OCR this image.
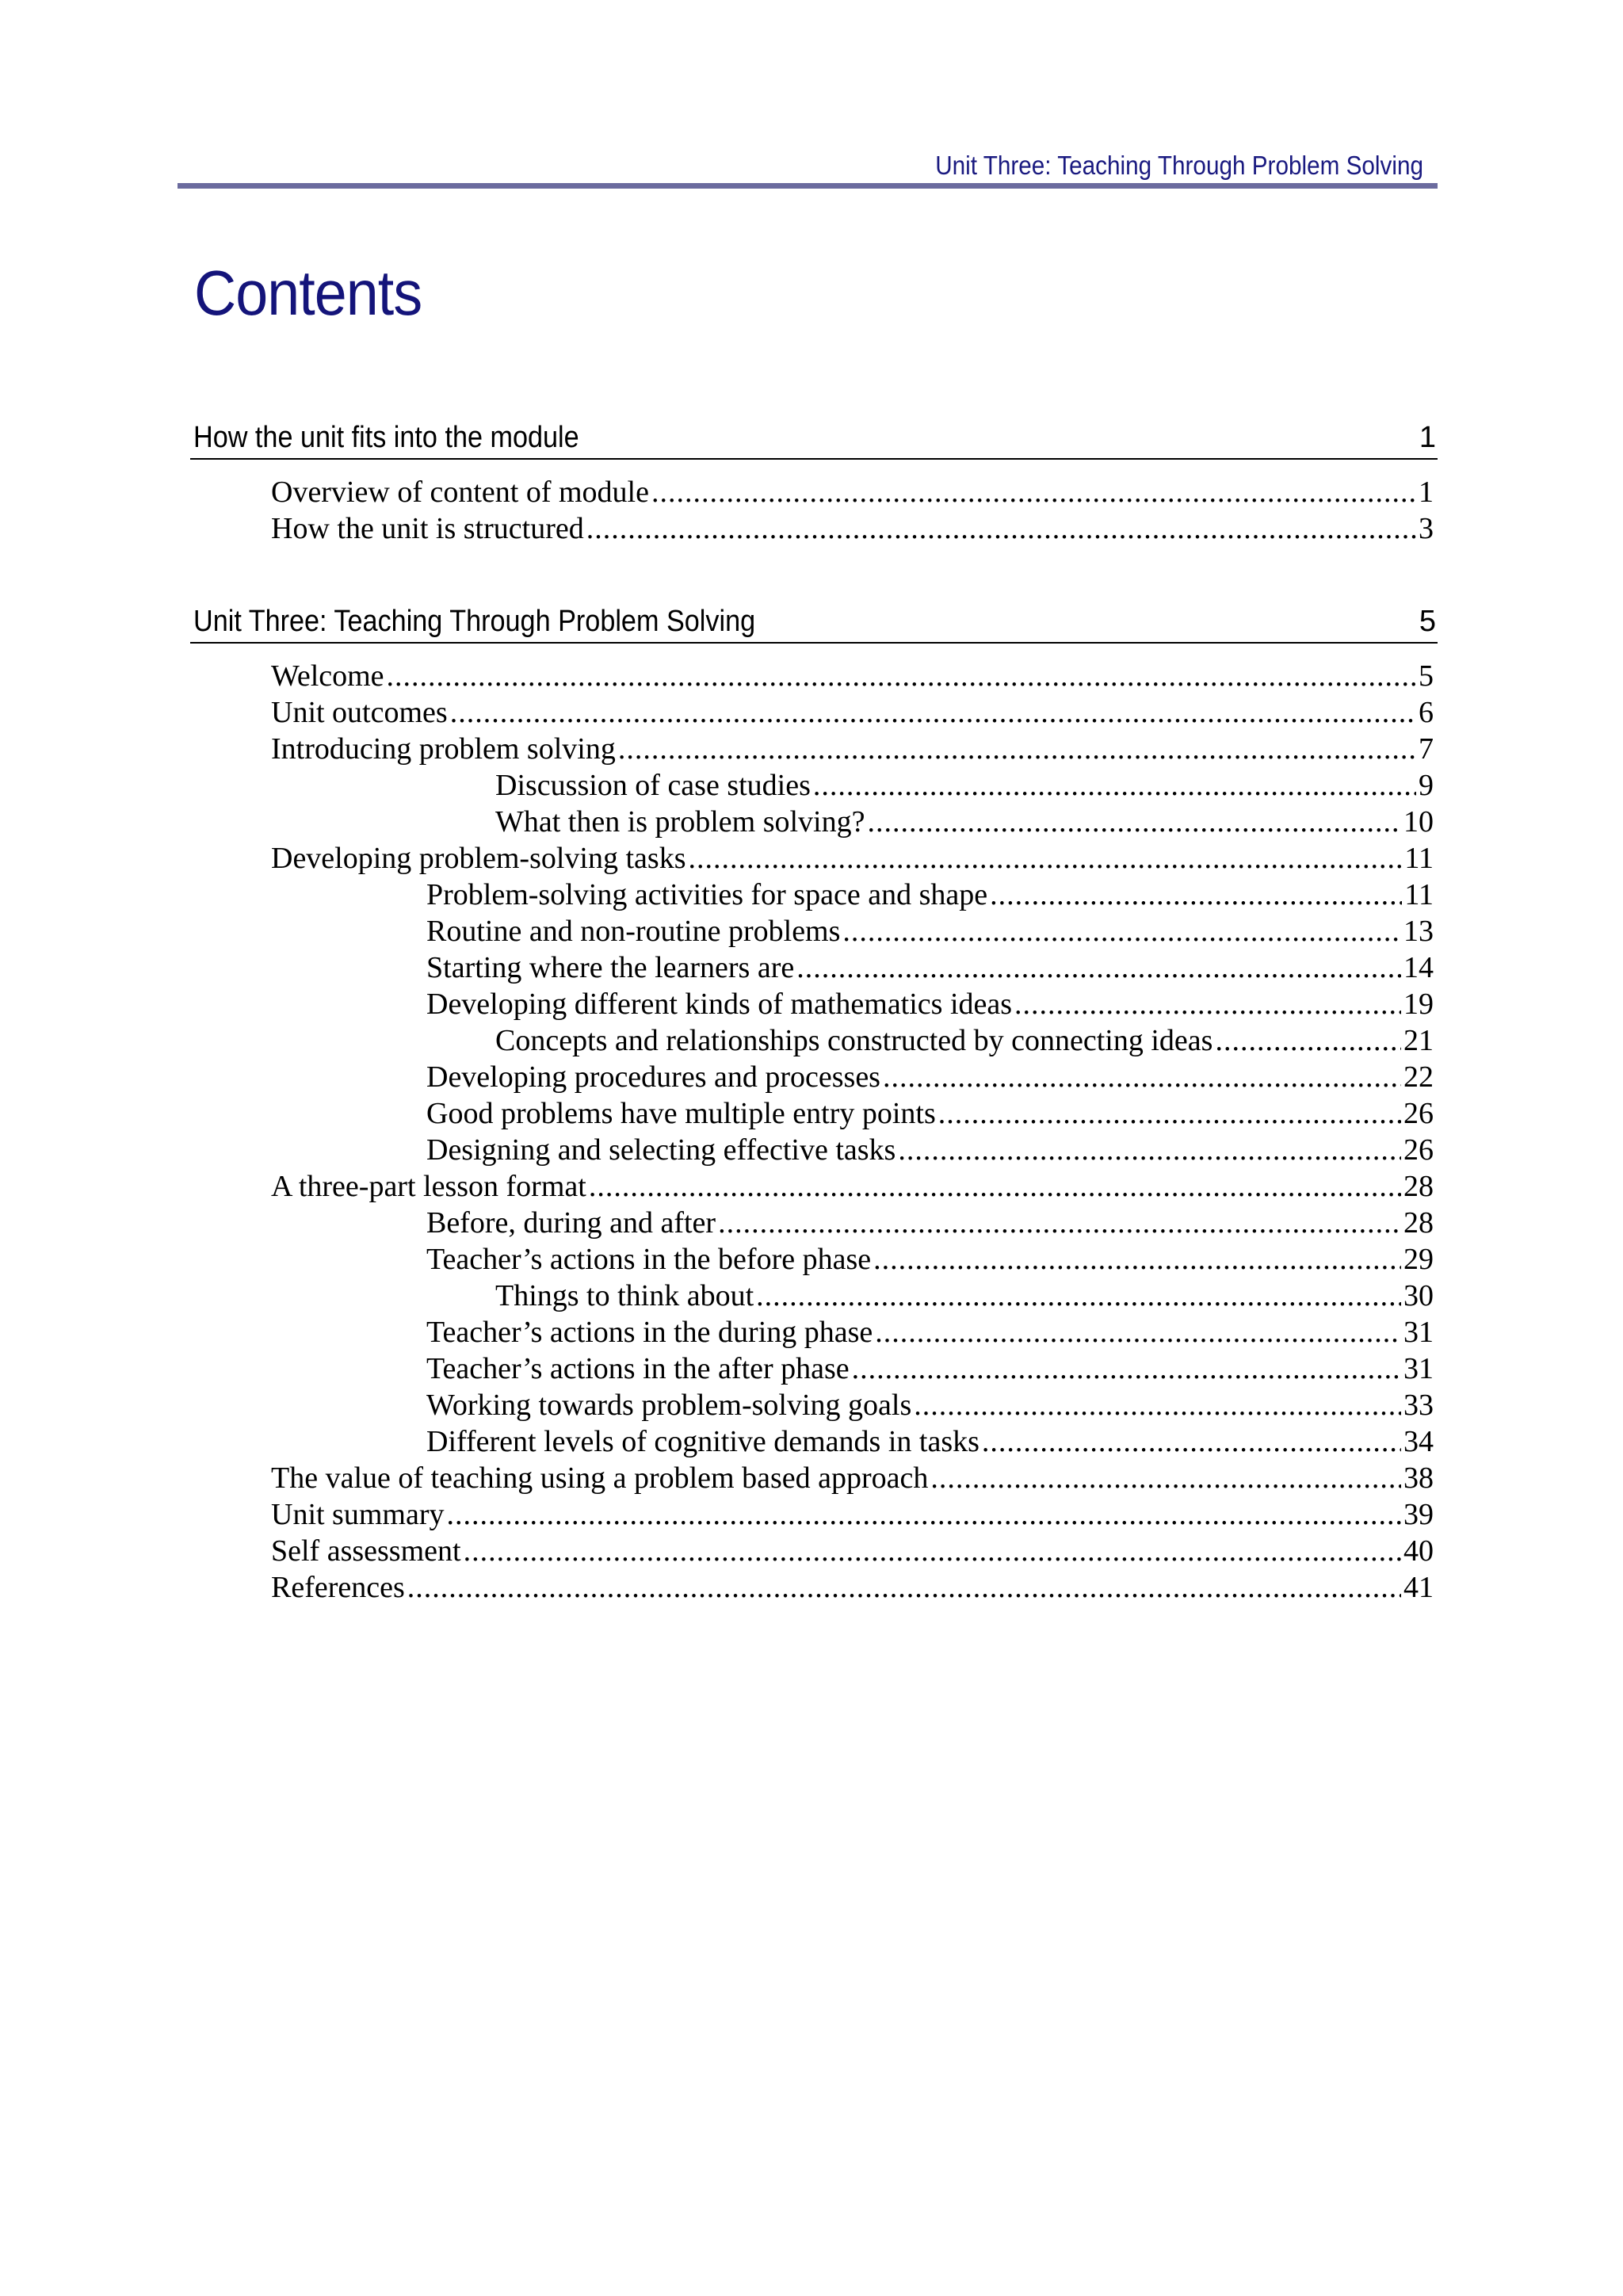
Unit Three: Teaching Through Problem Solving
Contents
How the unit fits into the module	1
Overview of content of module .....	1
How the unit is structured .....	3
Unit Three: Teaching Through Problem Solving	5
Welcome .....	5
Unit outcomes .....	6
Introducing problem solving .....	7
Discussion of case studies .....	9
What then is problem solving? .....	10
Developing problem-solving tasks .....	11
Problem-solving activities for space and shape .....	11
Routine and non-routine problems .....	13
Starting where the learners are .....	14
Developing different kinds of mathematics ideas .....	19
Concepts and relationships constructed by connecting ideas .....	21
Developing procedures and processes .....	22
Good problems have multiple entry points .....	26
Designing and selecting effective tasks .....	26
A three-part lesson format .....	28
Before, during and after .....	28
Teacher’s actions in the before phase .....	29
Things to think about .....	30
Teacher’s actions in the during phase .....	31
Teacher’s actions in the after phase .....	31
Working towards problem-solving goals .....	33
Different levels of cognitive demands in tasks .....	34
The value of teaching using a problem based approach .....	38
Unit summary .....	39
Self assessment .....	40
References .....	41
